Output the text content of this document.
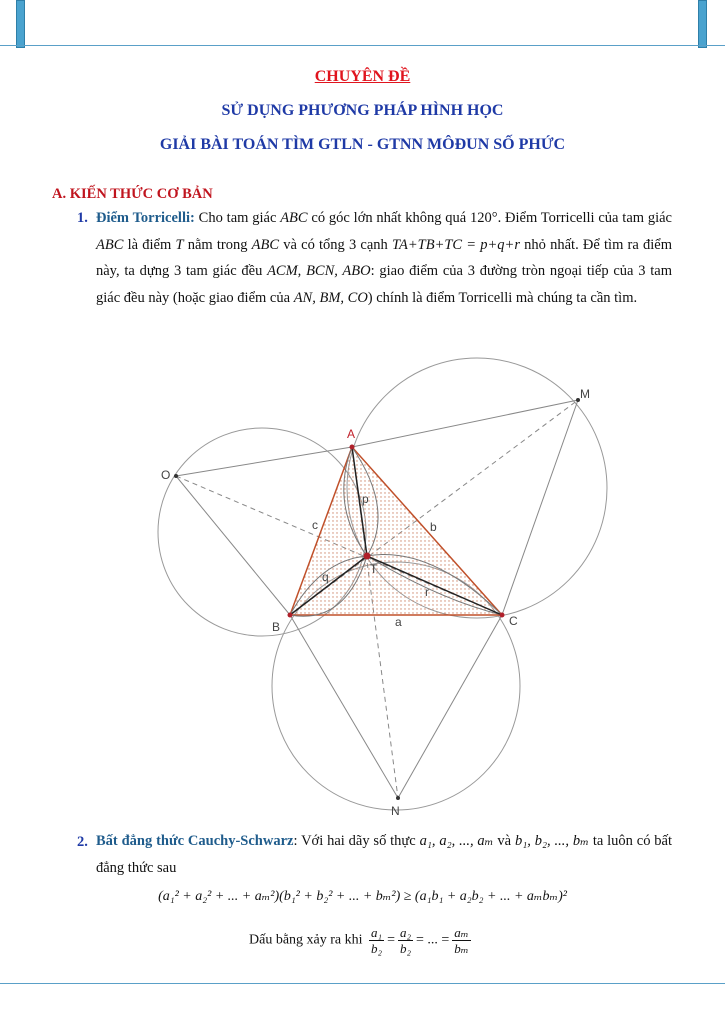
CHUYÊN ĐỀ
SỬ DỤNG PHƯƠNG PHÁP HÌNH HỌC
GIẢI BÀI TOÁN TÌM GTLN - GTNN MÔĐUN SỐ PHỨC
A. KIẾN THỨC CƠ BẢN
1. Điểm Torricelli: Cho tam giác ABC có góc lớn nhất không quá 120°. Điểm Torricelli của tam giác ABC là điểm T nằm trong ABC và có tổng 3 cạnh TA+TB+TC = p+q+r nhỏ nhất. Để tìm ra điểm này, ta dựng 3 tam giác đều ACM, BCN, ABO: giao điểm của 3 đường tròn ngoại tiếp của 3 tam giác đều này (hoặc giao điểm của AN, BM, CO) chính là điểm Torricelli mà chúng ta cần tìm.
A
B	C
M
N
O
T
a
b
c
p
q
r
2. Bất đẳng thức Cauchy-Schwarz: Với hai dãy số thực a₁, a₂, ..., aₘ và b₁, b₂, ..., bₘ ta luôn có bất đẳng thức sau
(a₁² + a₂² + ... + aₘ²)(b₁² + b₂² + ... + bₘ²) ≥ (a₁b₁ + a₂b₂ + ... + aₘbₘ)²
Dấu bằng xảy ra khi $\frac{\text{a₁}}{\text{b₂}} = \frac{\text{a₂}}{\text{b₂}}$ = ... = $\frac{\text{aₘ}}{\text{bₘ}}$
